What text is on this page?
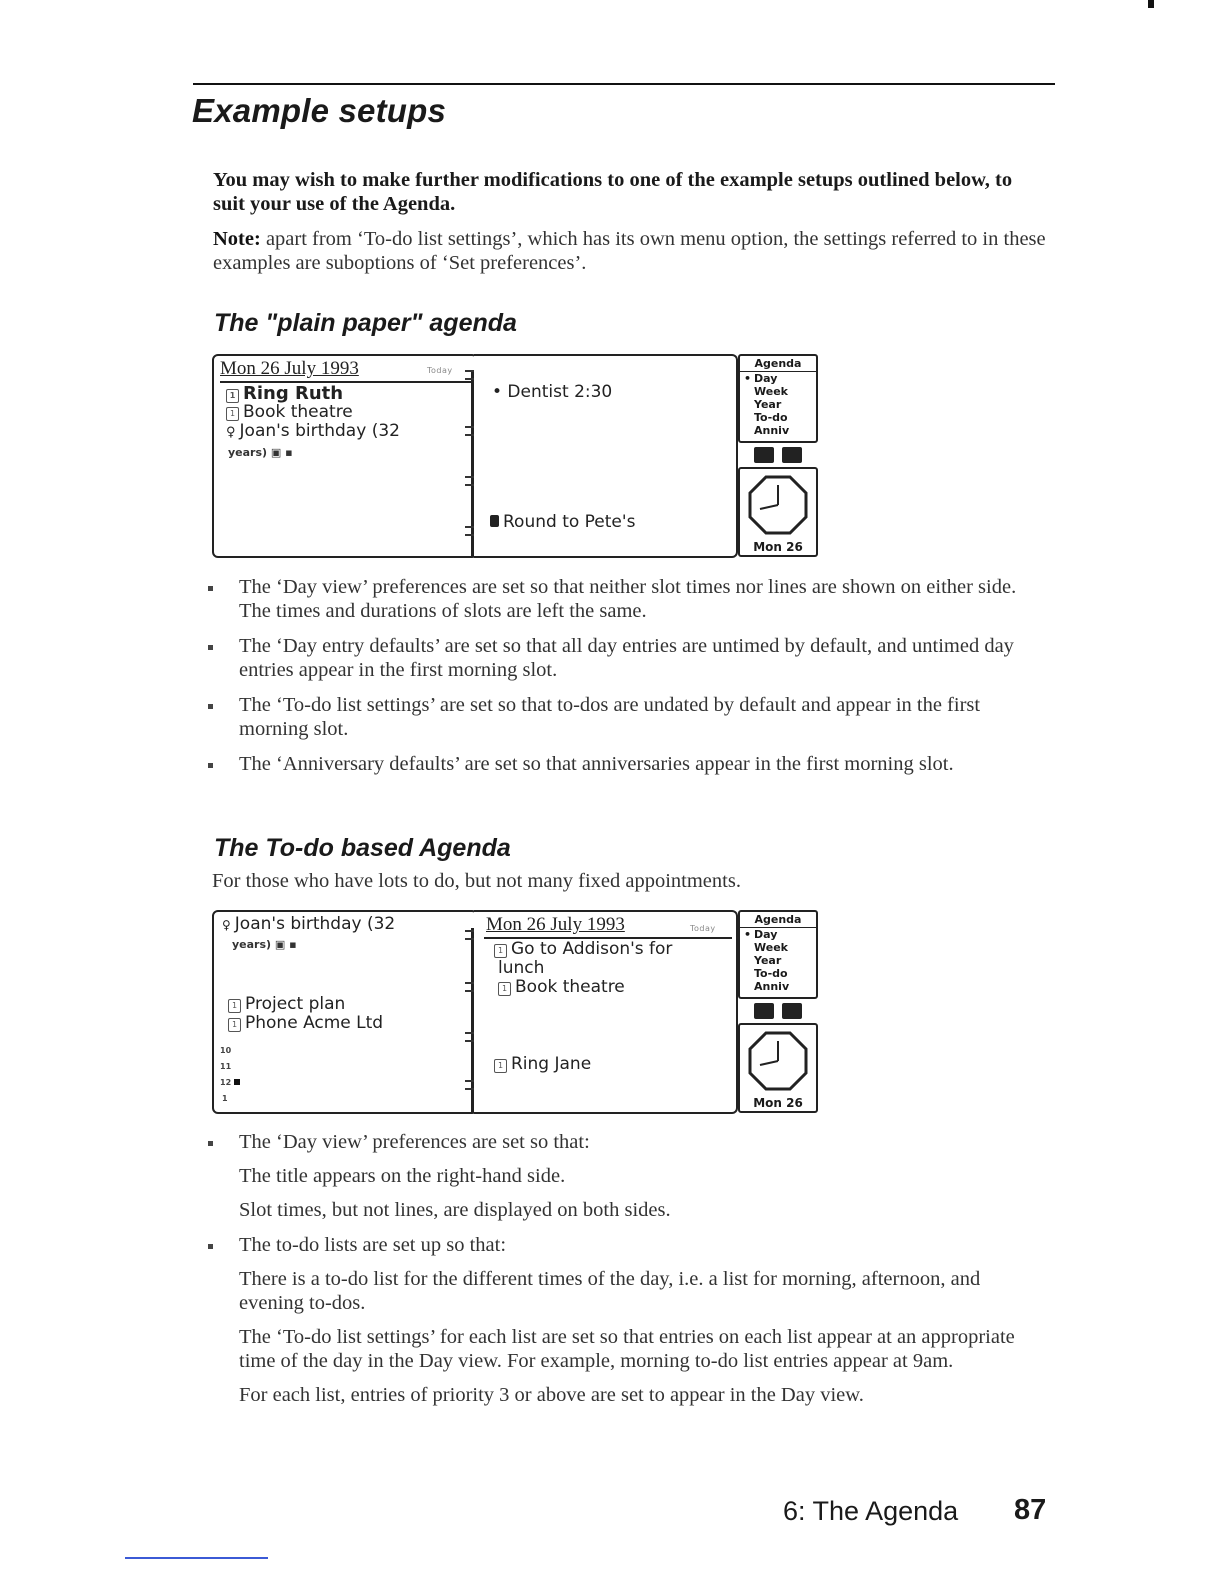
Example setups

You may wish to make further modifications to one of the example setups outlined below, to suit your use of the Agenda.

Note: apart from ‘To-do list settings’, which has its own menu option, the settings referred to in these examples are suboptions of ‘Set preferences’.

The "plain paper" agenda
Mon 26 July 1993	Today
1 Ring Ruth
1 Book theatre
♀ Joan's birthday (32
years) ▣ ▪
• Dentist 2:30
Round to Pete's
Agenda
• Day
Week
Year
To-do
Anniv
Mon 26
The ‘Day view’ preferences are set so that neither slot times nor lines are shown on either side. The times and durations of slots are left the same.
The ‘Day entry defaults’ are set so that all day entries are untimed by default, and untimed day entries appear in the first morning slot.
The ‘To-do list settings’ are set so that to-dos are undated by default and appear in the first morning slot.
The ‘Anniversary defaults’ are set so that anniversaries appear in the first morning slot.
The To-do based Agenda

For those who have lots to do, but not many fixed appointments.

♀ Joan's birthday (32
years) ▣ ▪
1 Project plan
1 Phone Acme Ltd
10
11
12
1
Mon 26 July 1993	Today
1 Go to Addison's for
lunch
1 Book theatre
1 Ring Jane
Agenda
• Day
Week
Year
To-do
Anniv
Mon 26
The ‘Day view’ preferences are set so that:

The title appears on the right-hand side.

Slot times, but not lines, are displayed on both sides.

The to-do lists are set up so that:

There is a to-do list for the different times of the day, i.e. a list for morning, afternoon, and evening to-dos.

The ‘To-do list settings’ for each list are set so that entries on each list appear at an appropriate time of the day in the Day view. For example, morning to-do list entries appear at 9am.

For each list, entries of priority 3 or above are set to appear in the Day view.

6: The Agenda 87
